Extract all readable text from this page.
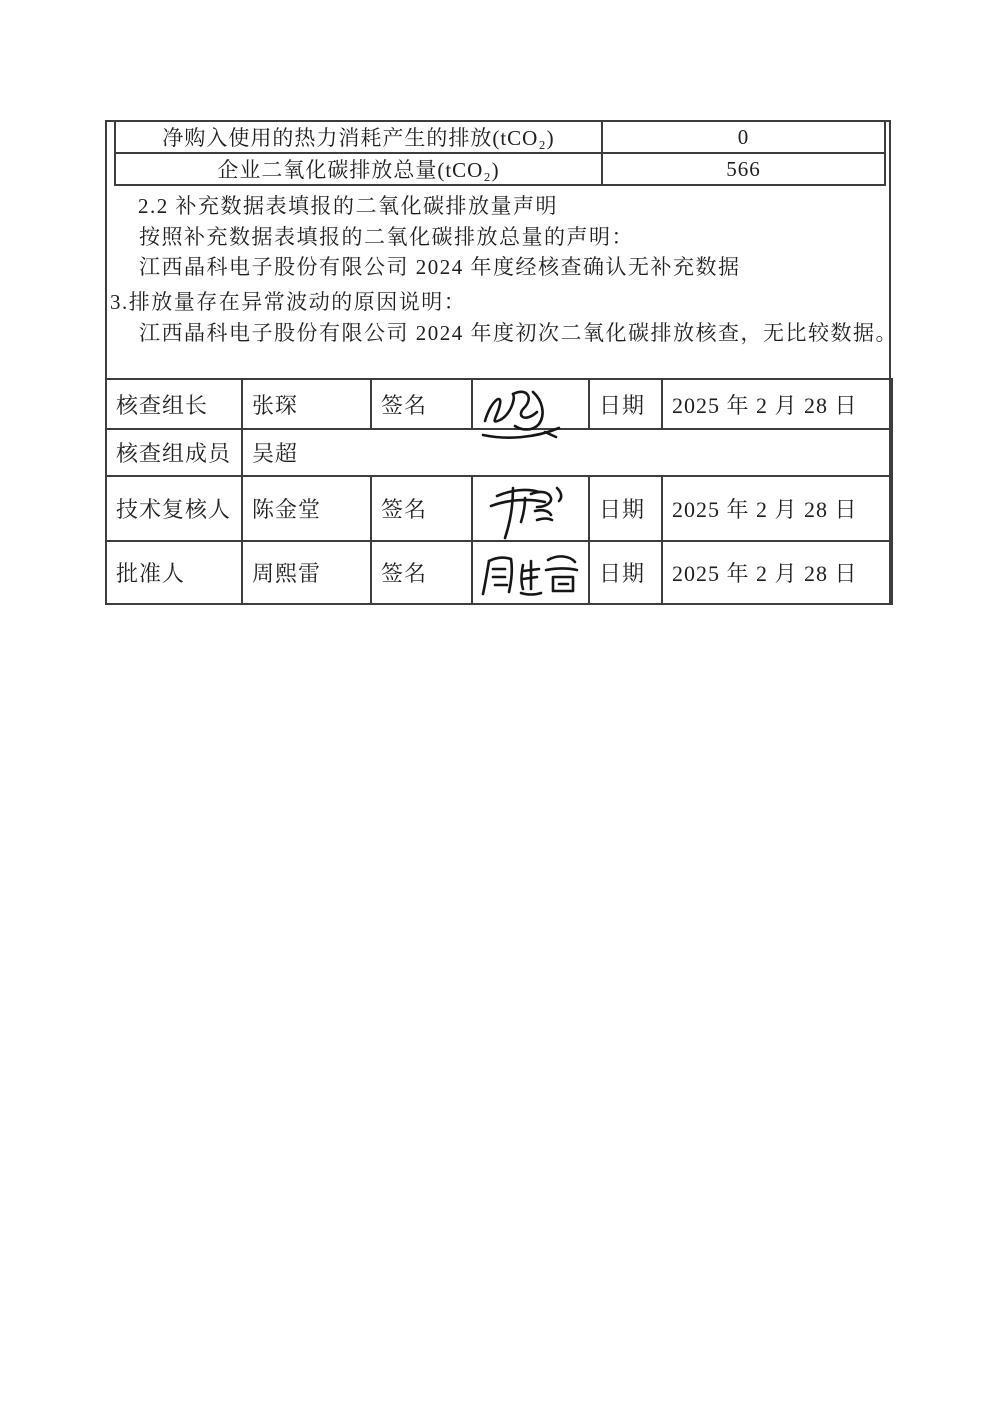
净购入使用的热力消耗产生的排放(tCO₂)	0
企业二氧化碳排放总量(tCO₂)	566
2.2 补充数据表填报的二氧化碳排放量声明
按照补充数据表填报的二氧化碳排放总量的声明：
江西晶科电子股份有限公司 2024 年度经核查确认无补充数据
3.排放量存在异常波动的原因说明：
江西晶科电子股份有限公司 2024 年度初次二氧化碳排放核查，无比较数据。
核查组长	张琛	签名		日期	2025 年 2 月 28 日
核查组成员	吴超				
技术复核人	陈金堂	签名		日期	2025 年 2 月 28 日
批准人	周熙雷	签名		日期	2025 年 2 月 28 日
